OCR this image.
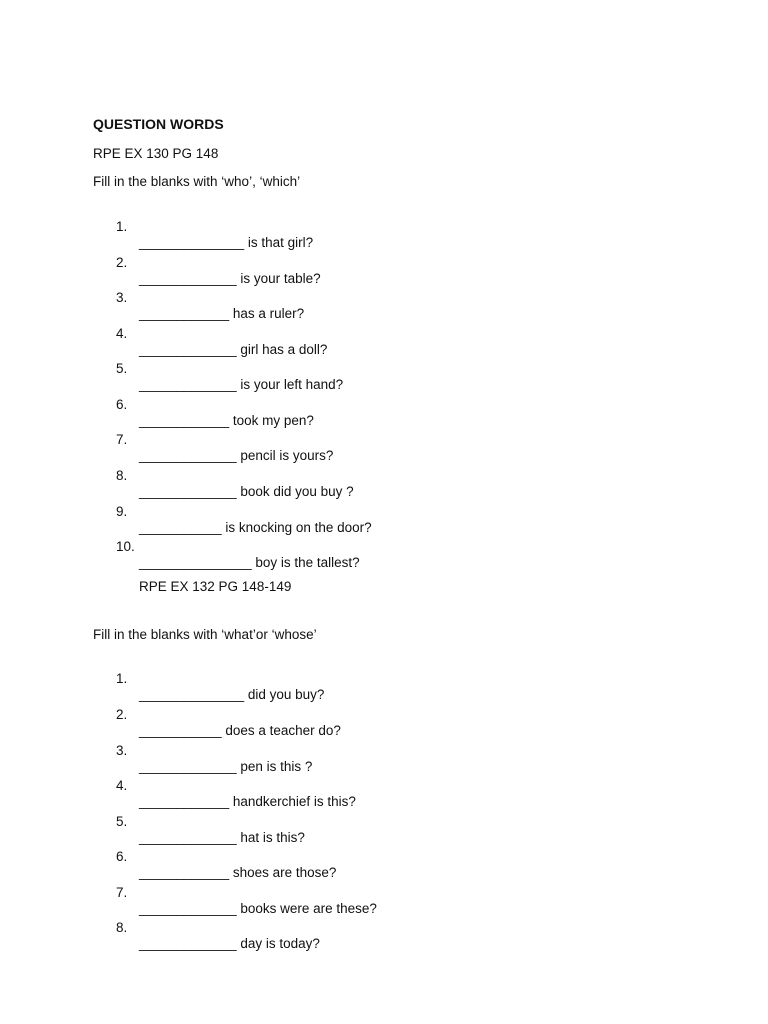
QUESTION WORDS
RPE EX 130 PG 148
Fill in the blanks with ‘who’, ‘which’

1.

______________ is that girl?

2.

_____________ is your table?

3.

____________ has a ruler?

4.

_____________ girl has a doll?

5.

_____________ is your left hand?

6.

____________ took my pen?

7.

_____________ pencil is yours?

8.

_____________ book did you buy ?

9.

___________ is knocking on the door?

10.

_______________ boy is the tallest?

RPE EX 132 PG 148-149
Fill in the blanks with ‘what’or ‘whose’

1.

______________ did you buy?

2.

___________ does a teacher do?

3.

_____________ pen is this ?

4.

____________ handkerchief is this?

5.

_____________ hat is this?

6.

____________ shoes are those?

7.

_____________ books were are these?

8.

_____________ day is today?
